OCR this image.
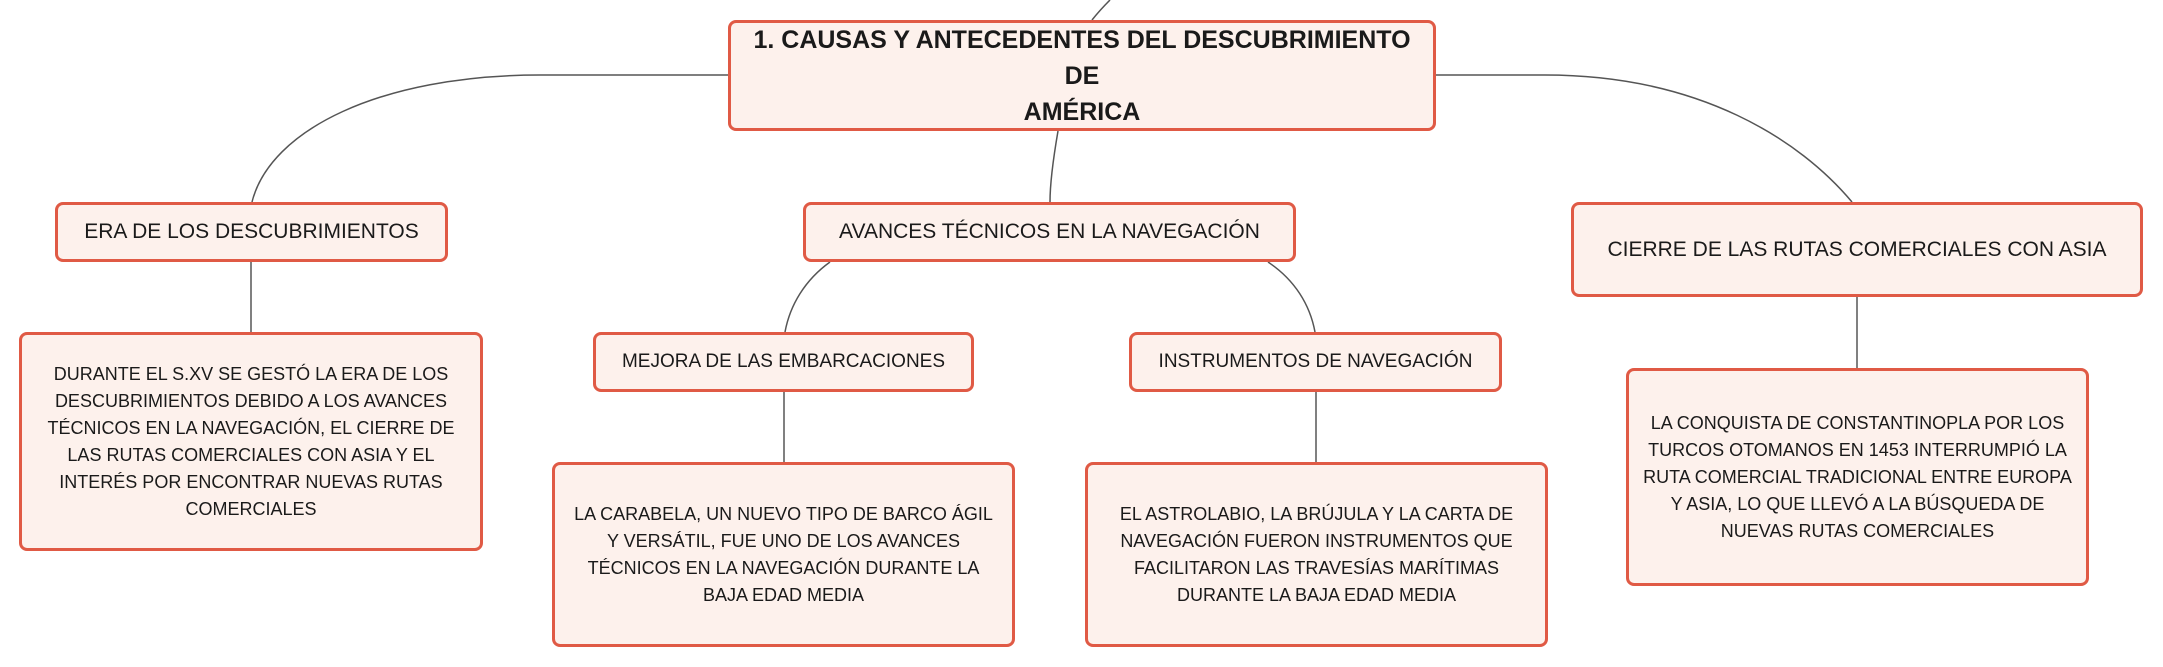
1. CAUSAS Y ANTECEDENTES DEL DESCUBRIMIENTO DE
AMÉRICA
ERA DE LOS DESCUBRIMIENTOS
DURANTE EL S.XV SE GESTÓ LA ERA DE LOS
DESCUBRIMIENTOS DEBIDO A LOS AVANCES
TÉCNICOS EN LA NAVEGACIÓN, EL CIERRE DE
LAS RUTAS COMERCIALES CON ASIA Y EL
INTERÉS POR ENCONTRAR NUEVAS RUTAS
COMERCIALES
AVANCES TÉCNICOS EN LA NAVEGACIÓN
MEJORA DE LAS EMBARCACIONES
LA CARABELA, UN NUEVO TIPO DE BARCO ÁGIL
Y VERSÁTIL, FUE UNO DE LOS AVANCES
TÉCNICOS EN LA NAVEGACIÓN DURANTE LA
BAJA EDAD MEDIA
INSTRUMENTOS DE NAVEGACIÓN
EL ASTROLABIO, LA BRÚJULA Y LA CARTA DE
NAVEGACIÓN FUERON INSTRUMENTOS QUE
FACILITARON LAS TRAVESÍAS MARÍTIMAS
DURANTE LA BAJA EDAD MEDIA
CIERRE DE LAS RUTAS COMERCIALES CON ASIA
LA CONQUISTA DE CONSTANTINOPLA POR LOS
TURCOS OTOMANOS EN 1453 INTERRUMPIÓ LA
RUTA COMERCIAL TRADICIONAL ENTRE EUROPA
Y ASIA, LO QUE LLEVÓ A LA BÚSQUEDA DE
NUEVAS RUTAS COMERCIALES
